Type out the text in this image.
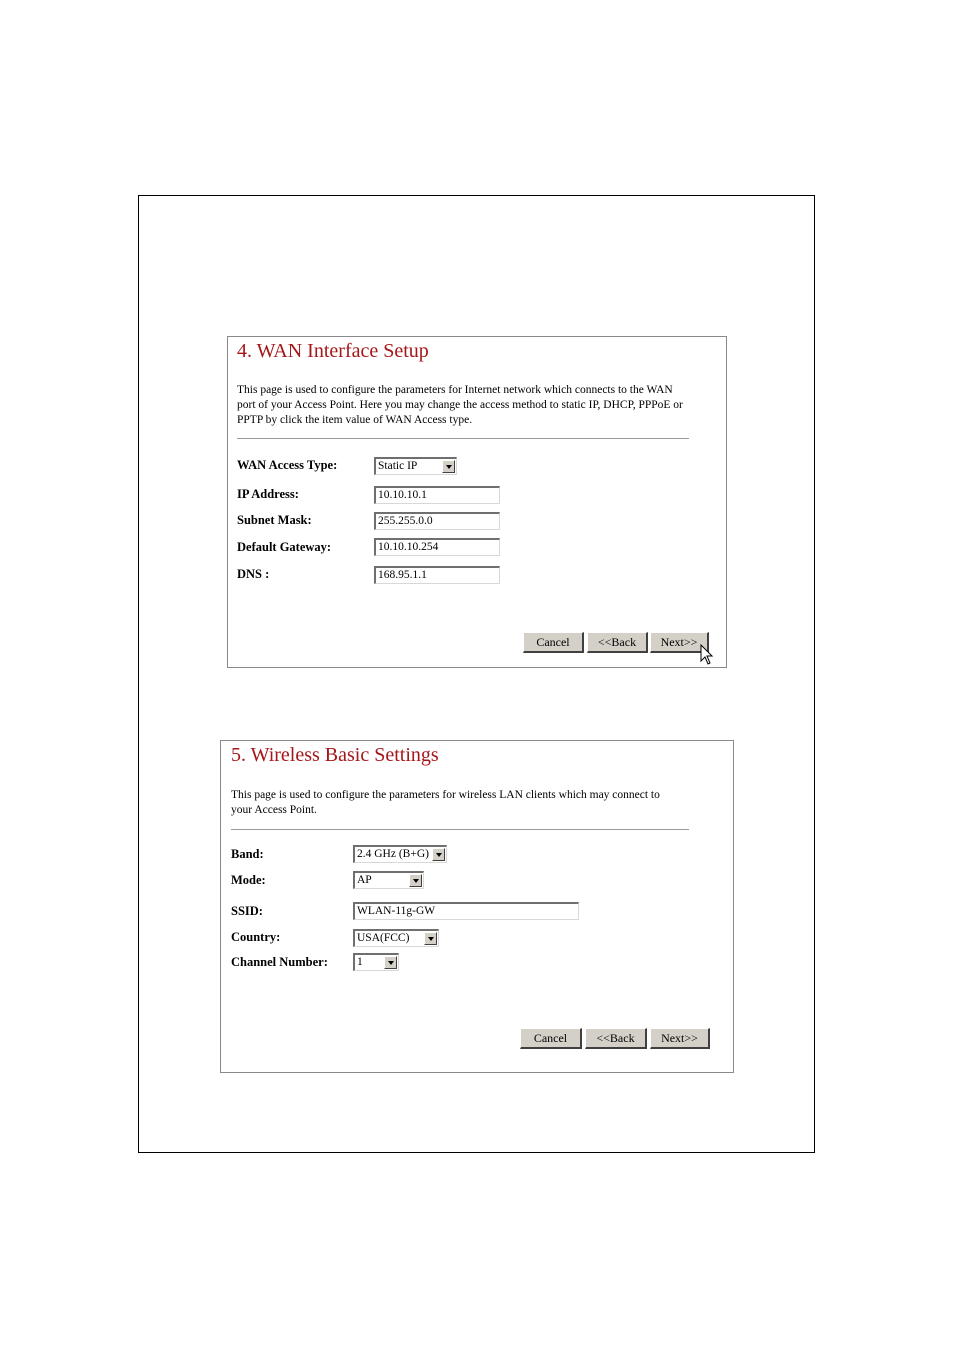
4. WAN Interface Setup
This page is used to configure the parameters for Internet network which connects to the WAN port of your Access Point. Here you may change the access method to static IP, DHCP, PPPoE or PPTP by click the item value of WAN Access type.
WAN Access Type:	Static IP
IP Address:	10.10.10.1
Subnet Mask:	255.255.0.0
Default Gateway:	10.10.10.254
DNS :	168.95.1.1
Cancel	<<Back	Next>>
5. Wireless Basic Settings
This page is used to configure the parameters for wireless LAN clients which may connect to your Access Point.
Band:	2.4 GHz (B+G)
Mode:	AP
SSID:	WLAN-11g-GW
Country:	USA(FCC)
Channel Number:	1
Cancel	<<Back	Next>>
